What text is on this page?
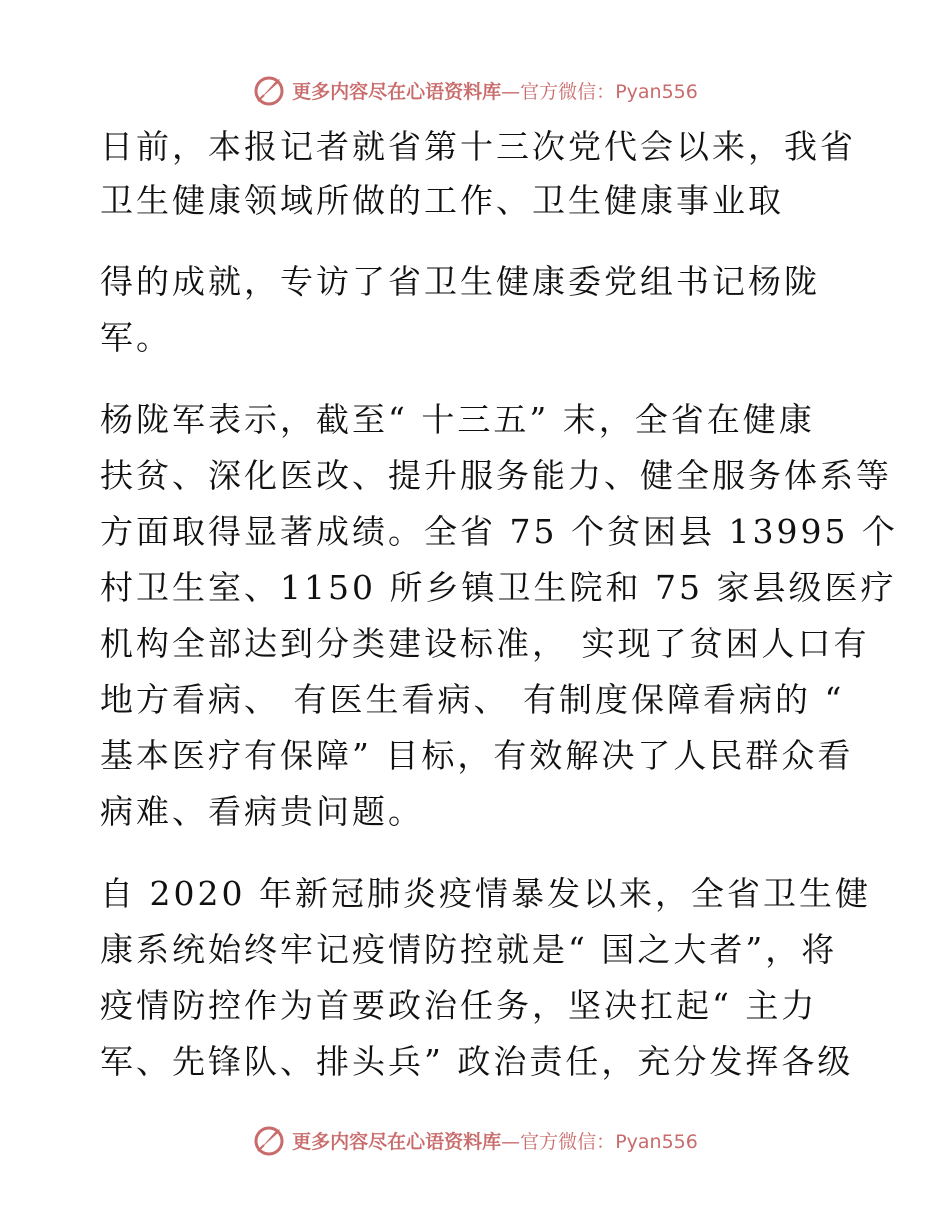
更多内容尽在心语资料库—官方微信：Pyan556
日前，本报记者就省第十三次党代会以来，我省
卫生健康领域所做的工作、卫生健康事业取
得的成就，专访了省卫生健康委党组书记杨陇
军。
杨陇军表示，截至“ 十三五” 末，全省在健康
扶贫、深化医改、提升服务能力、健全服务体系等
方面取得显著成绩。全省 75 个贫困县 13995 个
村卫生室、1150 所乡镇卫生院和 75 家县级医疗
机构全部达到分类建设标准， 实现了贫困人口有
地方看病、 有医生看病、 有制度保障看病的 “
基本医疗有保障” 目标，有效解决了人民群众看
病难、看病贵问题。
自 2020 年新冠肺炎疫情暴发以来，全省卫生健
康系统始终牢记疫情防控就是“ 国之大者”，将
疫情防控作为首要政治任务，坚决扛起“ 主力
军、先锋队、排头兵” 政治责任，充分发挥各级
更多内容尽在心语资料库—官方微信：Pyan556
